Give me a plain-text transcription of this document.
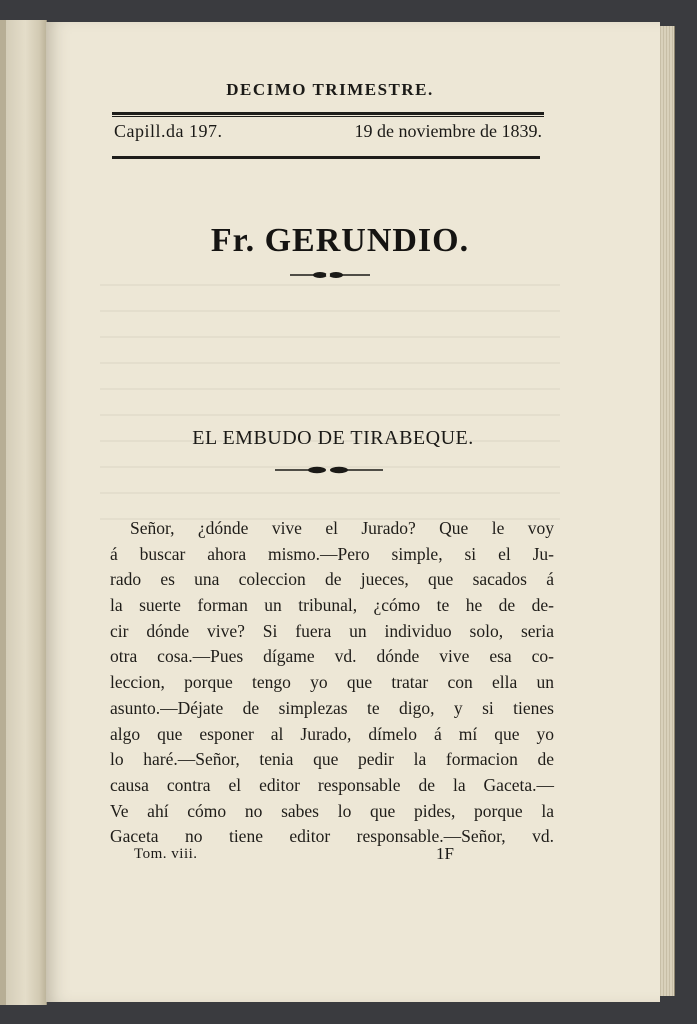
DECIMO TRIMESTRE.
Capill.da 197.	19 de noviembre de 1839.
Fr. GERUNDIO.
EL EMBUDO DE TIRABEQUE.
Señor, ¿dónde vive el Jurado? Que le voy
á buscar ahora mismo.—Pero simple, si el Ju-
rado es una coleccion de jueces, que sacados á
la suerte forman un tribunal, ¿cómo te he de de-
cir dónde vive? Si fuera un individuo solo, seria
otra cosa.—Pues dígame vd. dónde vive esa co-
leccion, porque tengo yo que tratar con ella un
asunto.—Déjate de simplezas te digo, y si tienes
algo que esponer al Jurado, dímelo á mí que yo
lo haré.—Señor, tenia que pedir la formacion de
causa contra el editor responsable de la Gaceta.—
Ve ahí cómo no sabes lo que pides, porque la
Gaceta no tiene editor responsable.—Señor, vd.
Tom. viii.	1F
